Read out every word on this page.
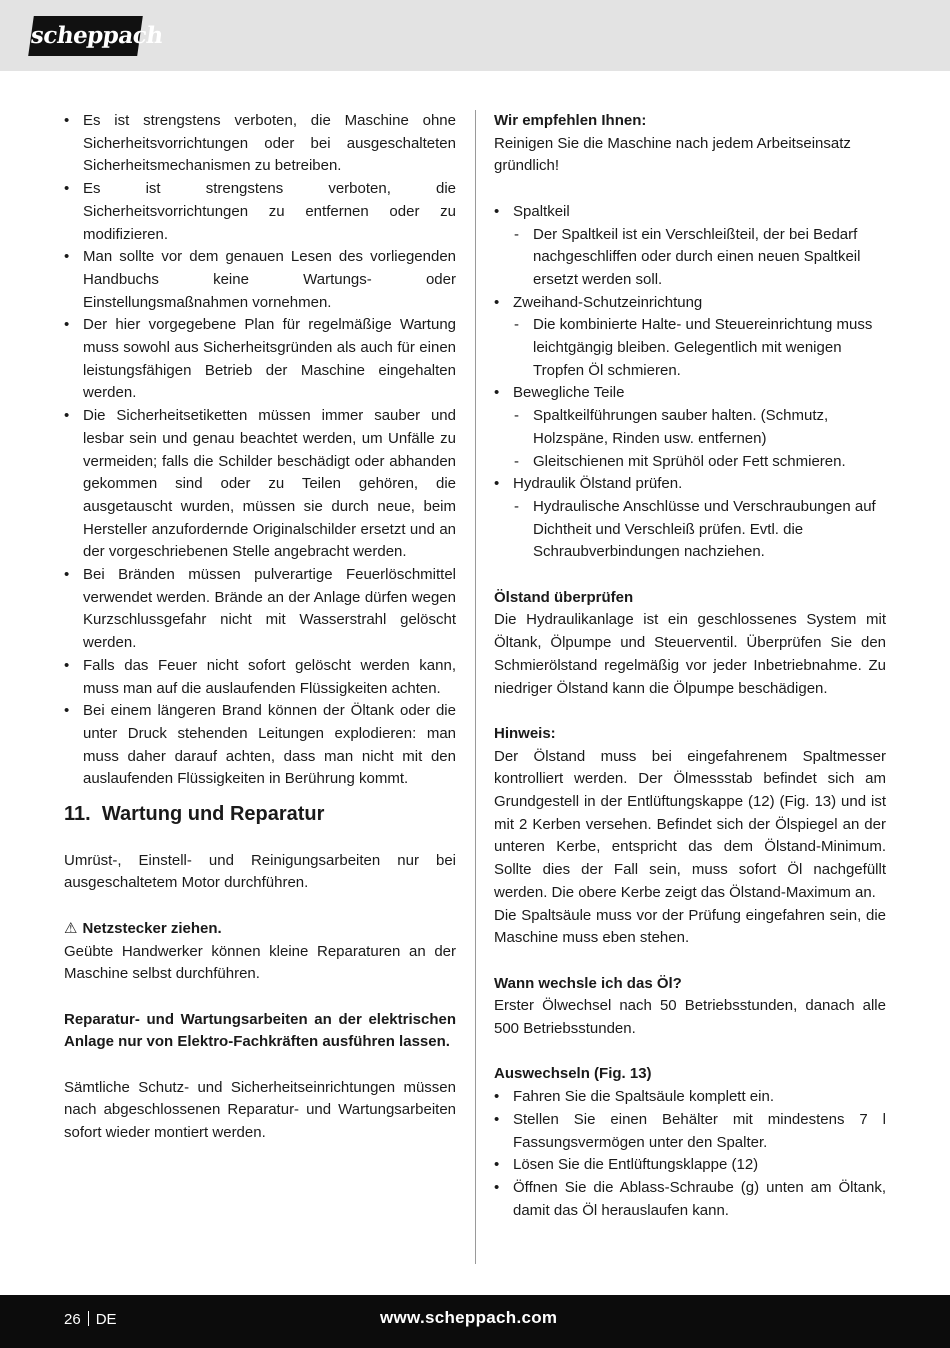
scheppach
• Es ist strengstens verboten, die Maschine ohne Sicherheitsvorrichtungen oder bei ausgeschalteten Sicherheitsmechanismen zu betreiben.
• Es ist strengstens verboten, die Sicherheitsvorrichtungen zu entfernen oder zu modifizieren.
• Man sollte vor dem genauen Lesen des vorliegenden Handbuchs keine Wartungs- oder Einstellungsmaßnahmen vornehmen.
• Der hier vorgegebene Plan für regelmäßige Wartung muss sowohl aus Sicherheitsgründen als auch für einen leistungsfähigen Betrieb der Maschine eingehalten werden.
• Die Sicherheitsetiketten müssen immer sauber und lesbar sein und genau beachtet werden, um Unfälle zu vermeiden; falls die Schilder beschädigt oder abhanden gekommen sind oder zu Teilen gehören, die ausgetauscht wurden, müssen sie durch neue, beim Hersteller anzufordernde Originalschilder ersetzt und an der vorgeschriebenen Stelle angebracht werden.
• Bei Bränden müssen pulverartige Feuerlöschmittel verwendet werden. Brände an der Anlage dürfen wegen Kurzschlussgefahr nicht mit Wasserstrahl gelöscht werden.
• Falls das Feuer nicht sofort gelöscht werden kann, muss man auf die auslaufenden Flüssigkeiten achten.
• Bei einem längeren Brand können der Öltank oder die unter Druck stehenden Leitungen explodieren: man muss daher darauf achten, dass man nicht mit den auslaufenden Flüssigkeiten in Berührung kommt.
11. Wartung und Reparatur

Umrüst-, Einstell- und Reinigungsarbeiten nur bei ausgeschaltetem Motor durchführen.

⚠ Netzstecker ziehen.

Geübte Handwerker können kleine Reparaturen an der Maschine selbst durchführen.

Reparatur- und Wartungsarbeiten an der elektrischen Anlage nur von Elektro-Fachkräften ausführen lassen.

Sämtliche Schutz- und Sicherheitseinrichtungen müssen nach abgeschlossenen Reparatur- und Wartungsarbeiten sofort wieder montiert werden.

Wir empfehlen Ihnen:

Reinigen Sie die Maschine nach jedem Arbeitseinsatz gründlich!

• Spaltkeil
- Der Spaltkeil ist ein Verschleißteil, der bei Bedarf nachgeschliffen oder durch einen neuen Spaltkeil ersetzt werden soll.
• Zweihand-Schutzeinrichtung
- Die kombinierte Halte- und Steuereinrichtung muss leichtgängig bleiben. Gelegentlich mit wenigen Tropfen Öl schmieren.
• Bewegliche Teile
- Spaltkeilführungen sauber halten. (Schmutz, Holzspäne, Rinden usw. entfernen)
- Gleitschienen mit Sprühöl oder Fett schmieren.
• Hydraulik Ölstand prüfen.
- Hydraulische Anschlüsse und Verschraubungen auf Dichtheit und Verschleiß prüfen. Evtl. die Schraubverbindungen nachziehen.

Ölstand überprüfen

Die Hydraulikanlage ist ein geschlossenes System mit Öltank, Ölpumpe und Steuerventil. Überprüfen Sie den Schmierölstand regelmäßig vor jeder Inbetriebnahme. Zu niedriger Ölstand kann die Ölpumpe beschädigen.

Hinweis:

Der Ölstand muss bei eingefahrenem Spaltmesser kontrolliert werden. Der Ölmessstab befindet sich am Grundgestell in der Entlüftungskappe (12) (Fig. 13) und ist mit 2 Kerben versehen. Befindet sich der Ölspiegel an der unteren Kerbe, entspricht das dem Ölstand-Minimum. Sollte dies der Fall sein, muss sofort Öl nachgefüllt werden. Die obere Kerbe zeigt das Ölstand-Maximum an.

Die Spaltsäule muss vor der Prüfung eingefahren sein, die Maschine muss eben stehen.

Wann wechsle ich das Öl?

Erster Ölwechsel nach 50 Betriebsstunden, danach alle 500 Betriebsstunden.

Auswechseln (Fig. 13)

• Fahren Sie die Spaltsäule komplett ein.
• Stellen Sie einen Behälter mit mindestens 7 l Fassungsvermögen unter den Spalter.
• Lösen Sie die Entlüftungsklappe (12)
• Öffnen Sie die Ablass-Schraube (g) unten am Öltank, damit das Öl herauslaufen kann.
26 DE	www.scheppach.com
